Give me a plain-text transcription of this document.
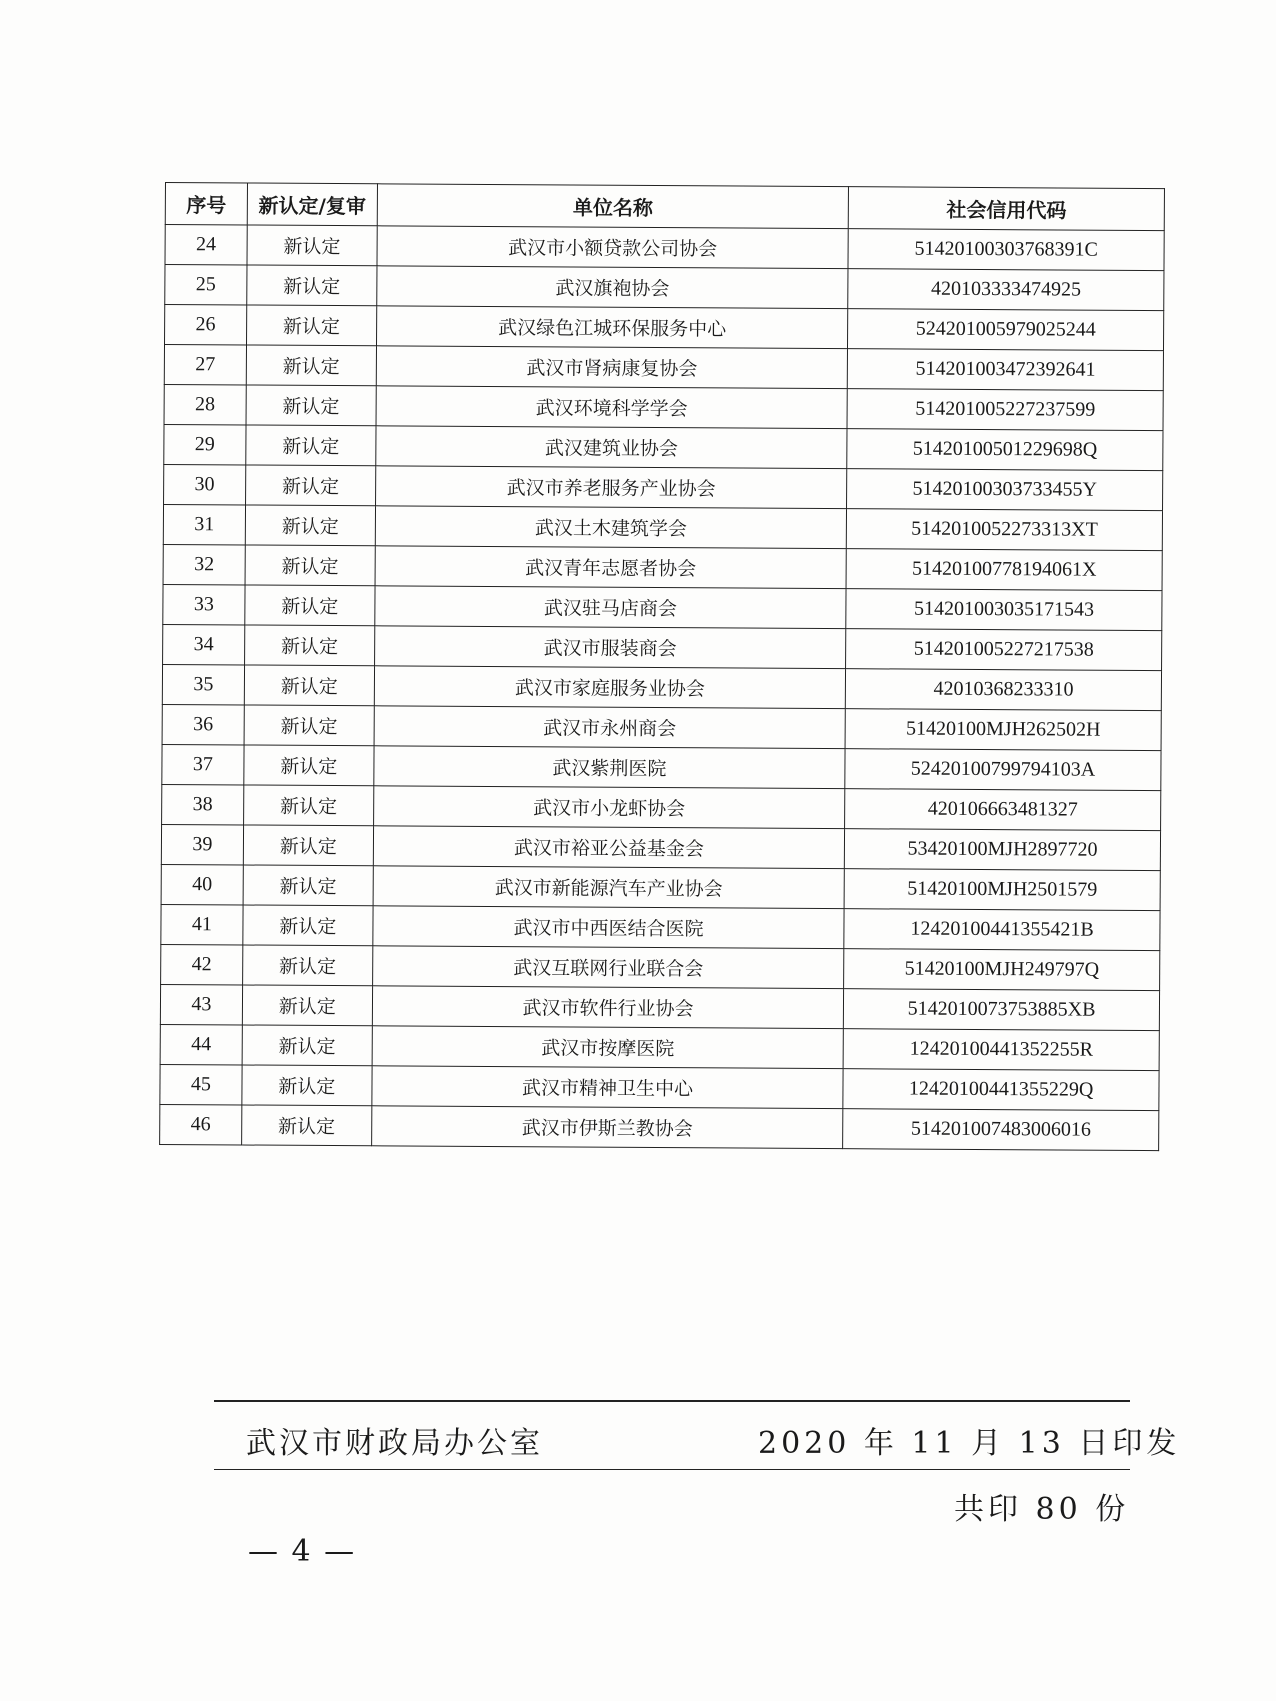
序号	新认定/复审	单位名称	社会信用代码
24	新认定	武汉市小额贷款公司协会	51420100303768391C
25	新认定	武汉旗袍协会	420103333474925
26	新认定	武汉绿色江城环保服务中心	524201005979025244
27	新认定	武汉市肾病康复协会	514201003472392641
28	新认定	武汉环境科学学会	514201005227237599
29	新认定	武汉建筑业协会	51420100501229698Q
30	新认定	武汉市养老服务产业协会	51420100303733455Y
31	新认定	武汉土木建筑学会	5142010052273313XT
32	新认定	武汉青年志愿者协会	51420100778194061X
33	新认定	武汉驻马店商会	514201003035171543
34	新认定	武汉市服装商会	514201005227217538
35	新认定	武汉市家庭服务业协会	42010368233310
36	新认定	武汉市永州商会	51420100MJH262502H
37	新认定	武汉紫荆医院	52420100799794103A
38	新认定	武汉市小龙虾协会	420106663481327
39	新认定	武汉市裕亚公益基金会	53420100MJH2897720
40	新认定	武汉市新能源汽车产业协会	51420100MJH2501579
41	新认定	武汉市中西医结合医院	12420100441355421B
42	新认定	武汉互联网行业联合会	51420100MJH249797Q
43	新认定	武汉市软件行业协会	5142010073753885XB
44	新认定	武汉市按摩医院	12420100441352255R
45	新认定	武汉市精神卫生中心	12420100441355229Q
46	新认定	武汉市伊斯兰教协会	514201007483006016
武汉市财政局办公室	2020 年 11 月 13 日印发
共印 80 份
— 4 —
